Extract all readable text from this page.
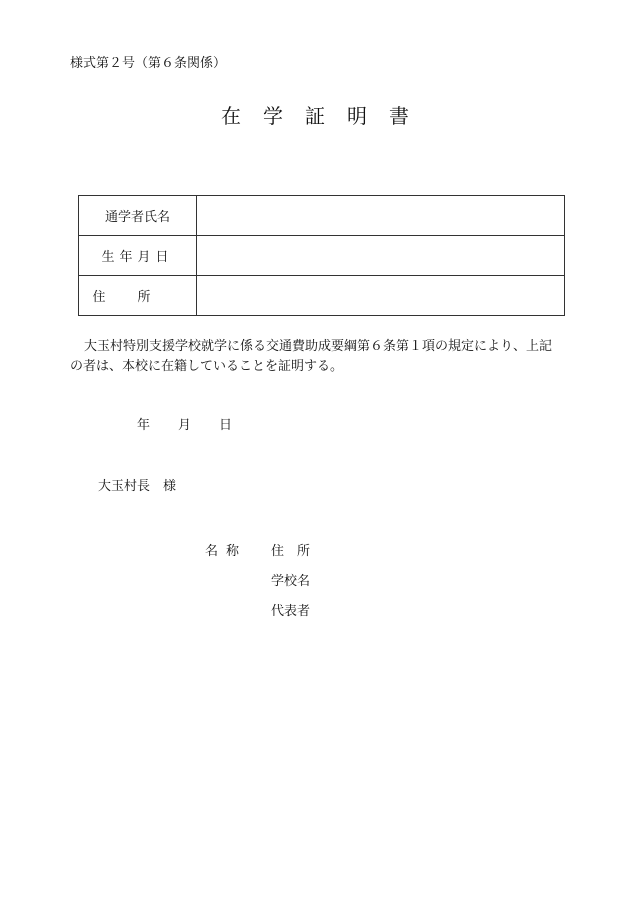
様式第２号（第６条関係）
在学証明書
通学者氏名	
生年月日	
住所	
大玉村特別支援学校就学に係る交通費助成要綱第６条第１項の規定により、上記
の者は、本校に在籍していることを証明する。
年 月 日
大玉村長　様
名称 住　所
学校名
代表者
